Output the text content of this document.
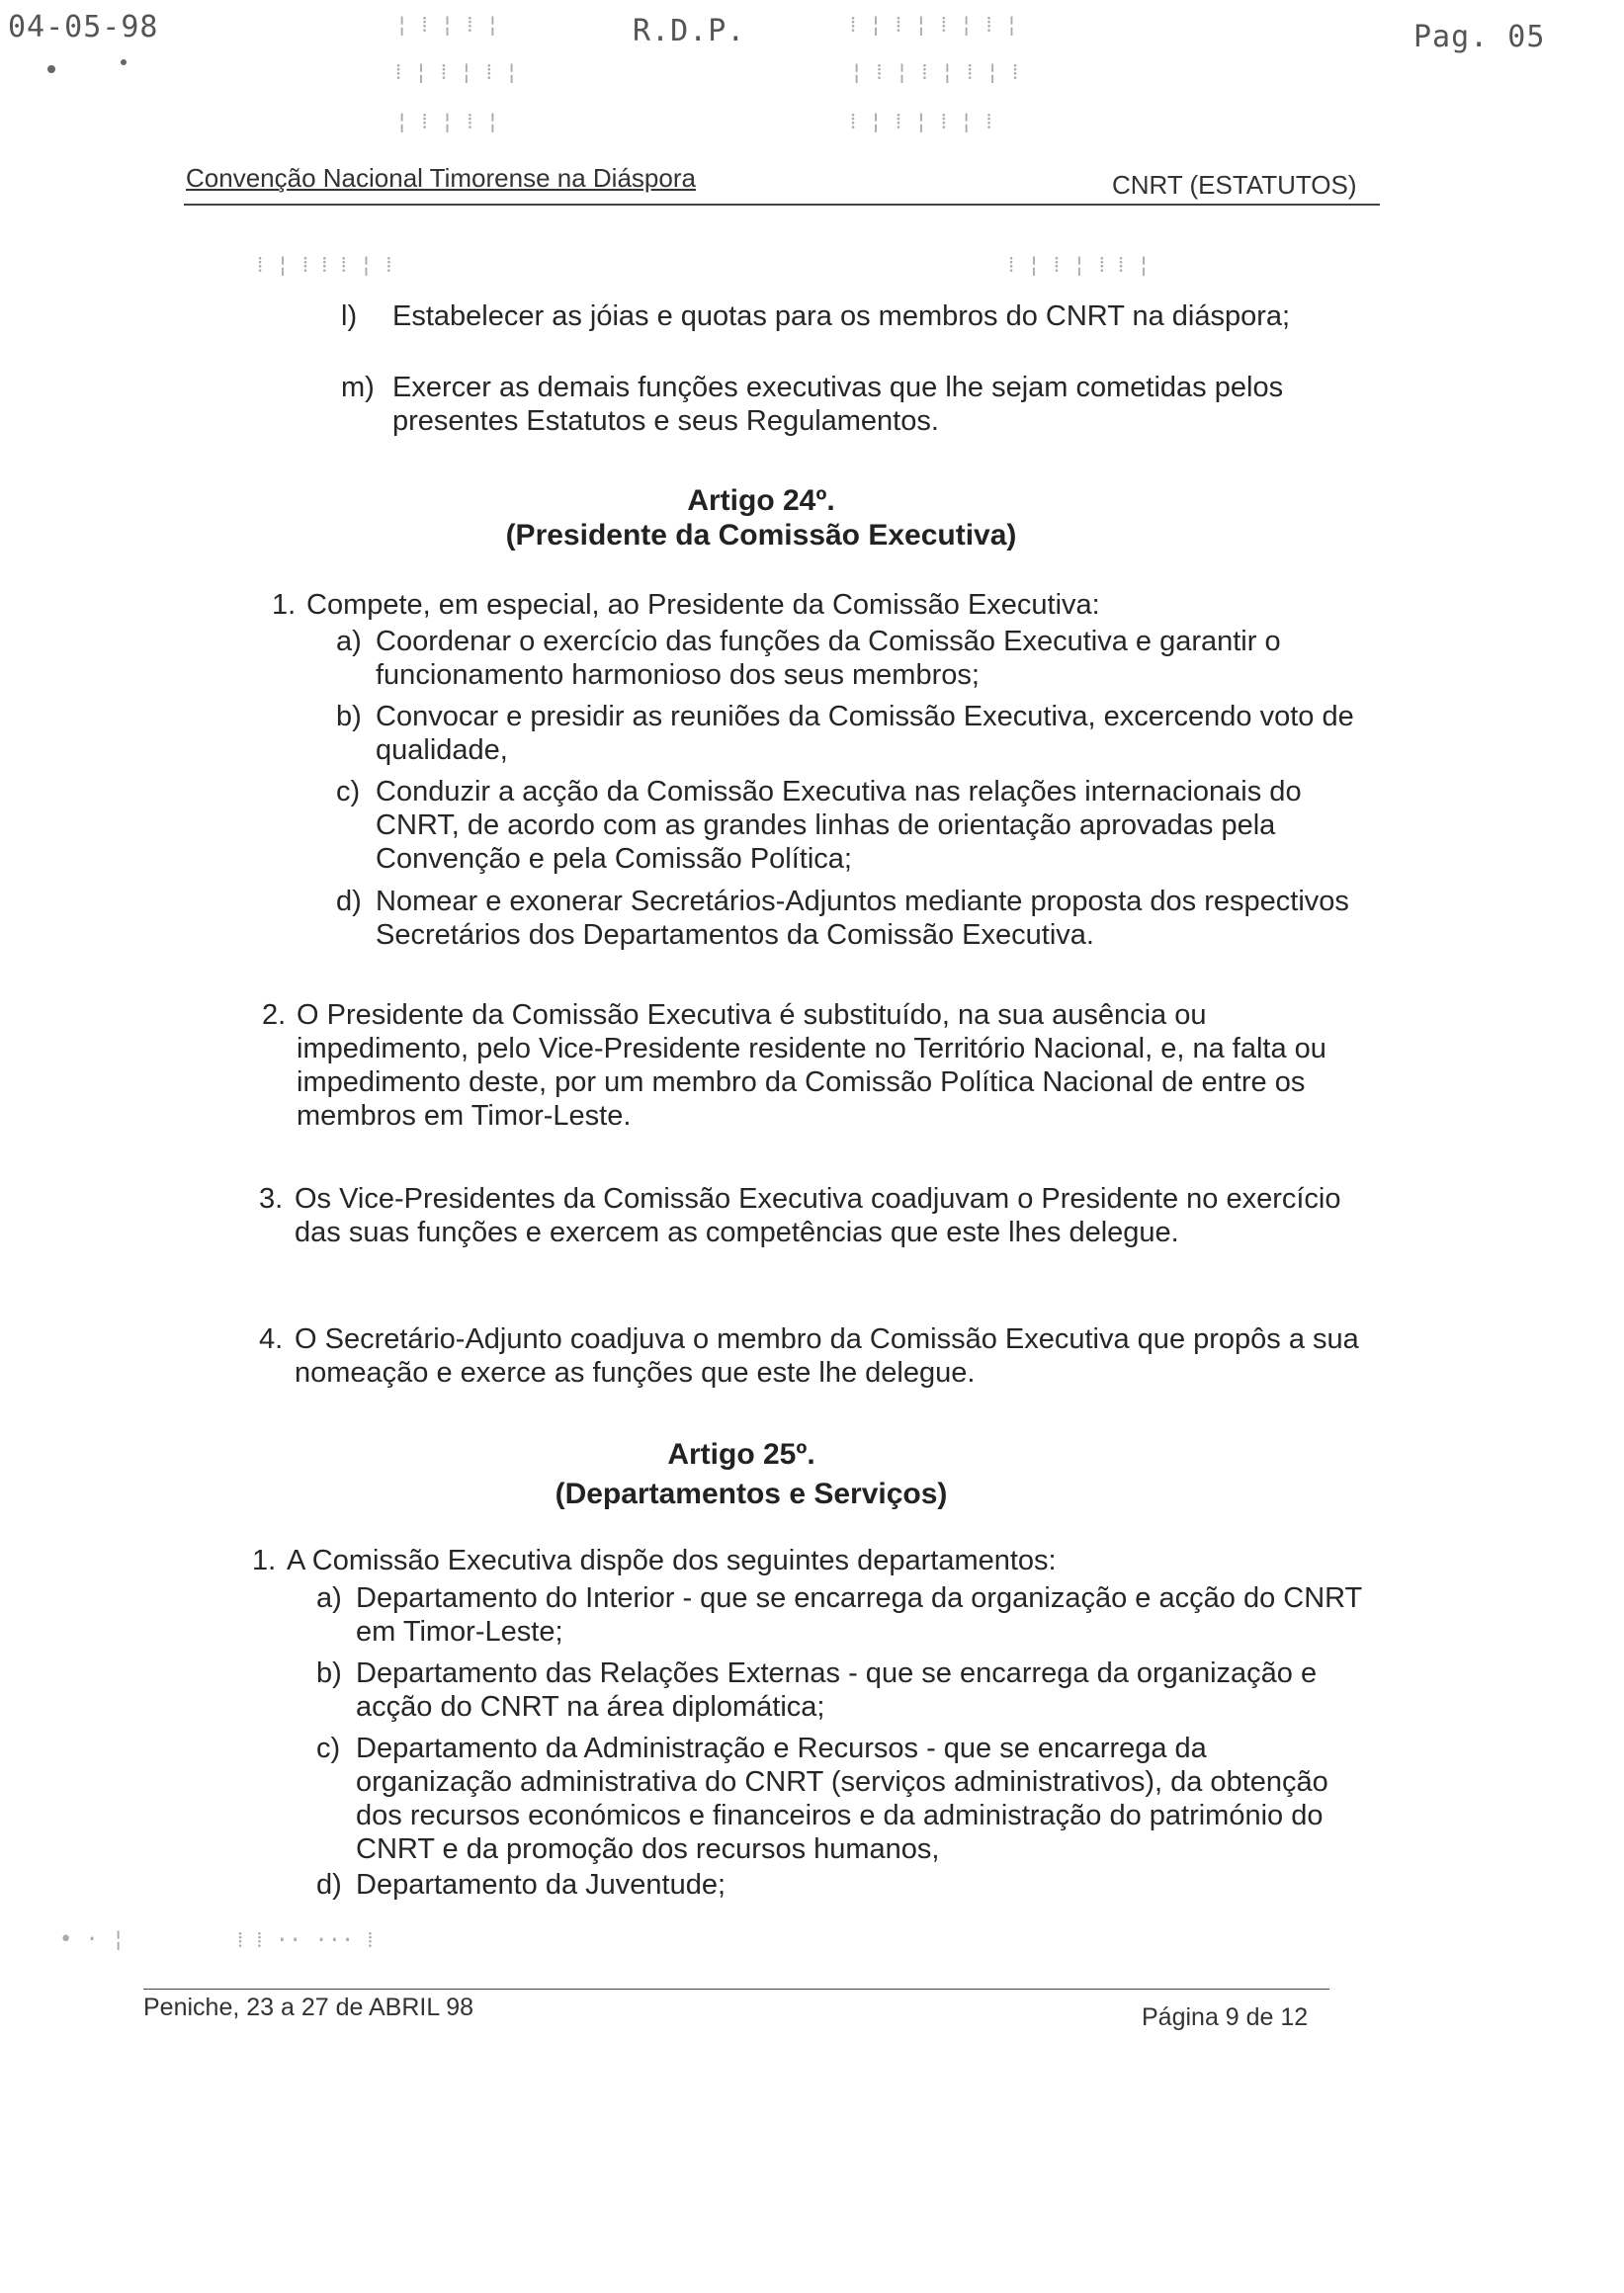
04-05-98	R.D.P.	Pag. 05
¦ ⁞ ¦ ⁞ ¦	⁞ ¦ ⁞ ¦ ⁞ ¦ ⁞ ¦
⁞ ¦ ⁞ ¦ ⁞ ¦	¦ ⁞ ¦ ⁞ ¦ ⁞ ¦ ⁞
¦ ⁞ ¦ ⁞ ¦	⁞ ¦ ⁞ ¦ ⁞ ¦ ⁞
⁞ ¦ ⁞ ⁞ ⁞ ¦ ⁞	⁞ ¦ ⁞ ¦ ⁞ ⁞ ¦
Convenção Nacional Timorense na Diáspora	CNRT (ESTATUTOS)
l) Estabelecer as jóias e quotas para os membros do CNRT na diáspora;
m) Exercer as demais funções executivas que lhe sejam cometidas pelos presentes Estatutos e seus Regulamentos.
Artigo 24º.
(Presidente da Comissão Executiva)
1. Compete, em especial, ao Presidente da Comissão Executiva:
a) Coordenar o exercício das funções da Comissão Executiva e garantir o funcionamento harmonioso dos seus membros;
b) Convocar e presidir as reuniões da Comissão Executiva, excercendo voto de qualidade,
c) Conduzir a acção da Comissão Executiva nas relações internacionais do CNRT, de acordo com as grandes linhas de orientação aprovadas pela Convenção e pela Comissão Política;
d) Nomear e exonerar Secretários-Adjuntos mediante proposta dos respectivos Secretários dos Departamentos da Comissão Executiva.
2. O Presidente da Comissão Executiva é substituído, na sua ausência ou impedimento, pelo Vice-Presidente residente no Território Nacional, e, na falta ou impedimento deste, por um membro da Comissão Política Nacional de entre os membros em Timor-Leste.
3. Os Vice-Presidentes da Comissão Executiva coadjuvam o Presidente no exercício das suas funções e exercem as competências que este lhes delegue.
4. O Secretário-Adjunto coadjuva o membro da Comissão Executiva que propôs a sua nomeação e exerce as funções que este lhe delegue.
Artigo 25º.
(Departamentos e Serviços)
1. A Comissão Executiva dispõe dos seguintes departamentos:
a) Departamento do Interior - que se encarrega da organização e acção do CNRT em Timor-Leste;
b) Departamento das Relações Externas - que se encarrega da organização e acção do CNRT na área diplomática;
c) Departamento da Administração e Recursos - que se encarrega da organização administrativa do CNRT (serviços administrativos), da obtenção dos recursos económicos e financeiros e da administração do património do CNRT e da promoção dos recursos humanos,
d) Departamento da Juventude;
• · ¦	⁞ ⁞ ·· ··· ⁞
Peniche, 23 a 27 de ABRIL 98	Página 9 de 12
